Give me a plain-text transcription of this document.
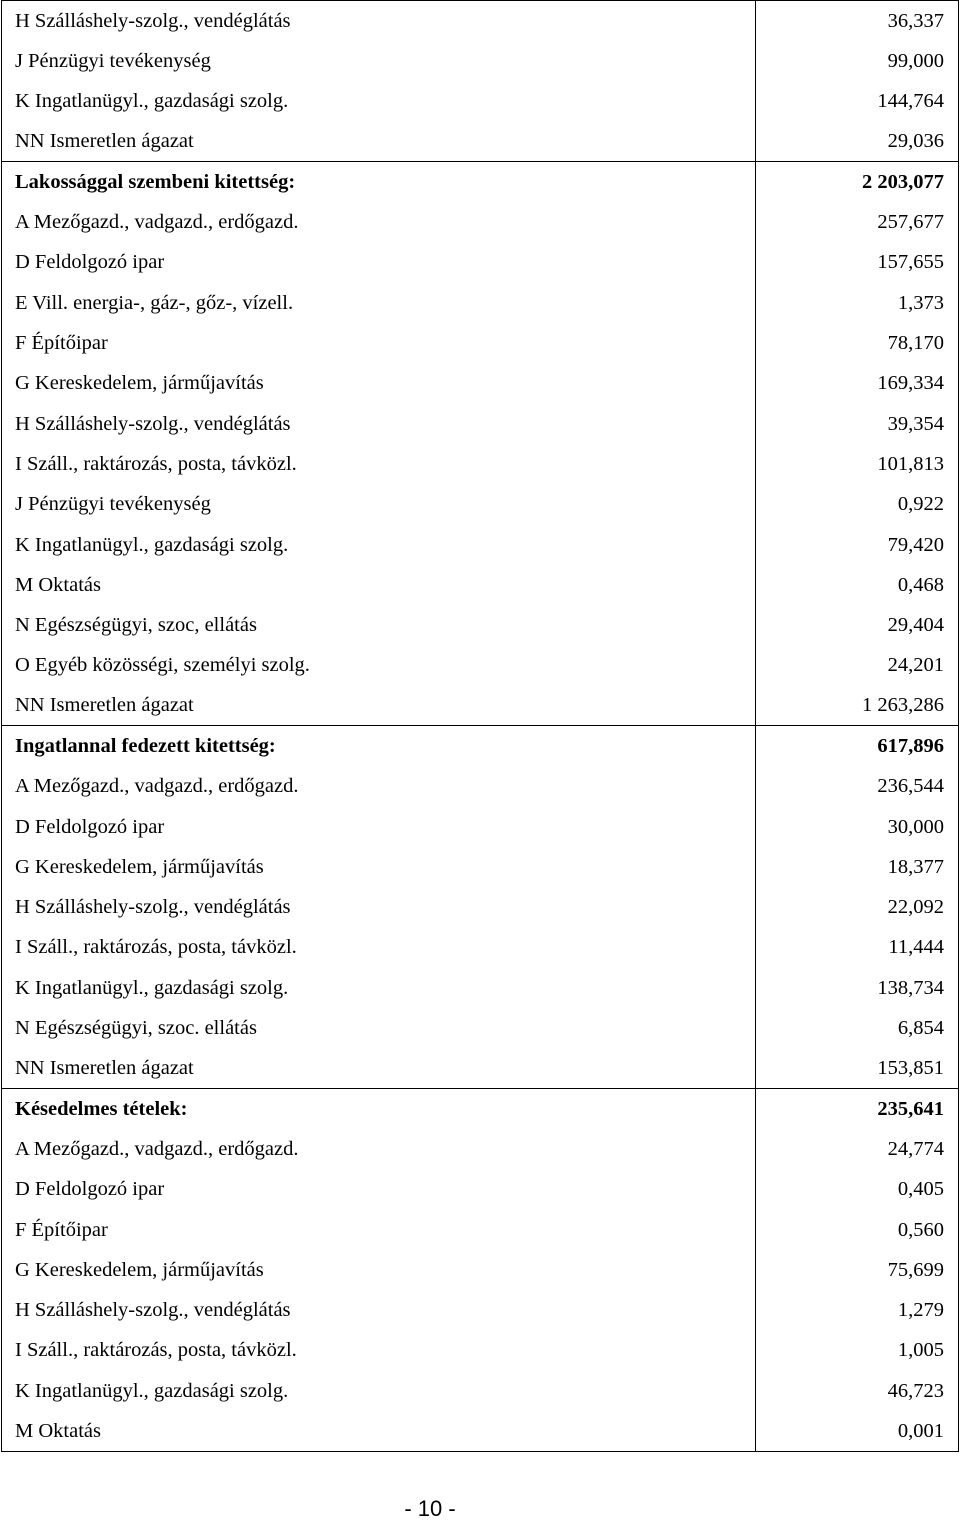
H Szálláshely-szolg., vendéglátás	36,337
J Pénzügyi tevékenység	99,000
K Ingatlanügyl., gazdasági szolg.	144,764
NN Ismeretlen ágazat	29,036
Lakossággal szembeni kitettség:	2 203,077
A Mezőgazd., vadgazd., erdőgazd.	257,677
D Feldolgozó ipar	157,655
E Vill. energia-, gáz-, gőz-, vízell.	1,373
F Építőipar	78,170
G Kereskedelem, járműjavítás	169,334
H Szálláshely-szolg., vendéglátás	39,354
I Száll., raktározás, posta, távközl.	101,813
J Pénzügyi tevékenység	0,922
K Ingatlanügyl., gazdasági szolg.	79,420
M Oktatás	0,468
N Egészségügyi, szoc, ellátás	29,404
O Egyéb közösségi, személyi szolg.	24,201
NN Ismeretlen ágazat	1 263,286
Ingatlannal fedezett kitettség:	617,896
A Mezőgazd., vadgazd., erdőgazd.	236,544
D Feldolgozó ipar	30,000
G Kereskedelem, járműjavítás	18,377
H Szálláshely-szolg., vendéglátás	22,092
I Száll., raktározás, posta, távközl.	11,444
K Ingatlanügyl., gazdasági szolg.	138,734
N Egészségügyi, szoc. ellátás	6,854
NN Ismeretlen ágazat	153,851
Késedelmes tételek:	235,641
A Mezőgazd., vadgazd., erdőgazd.	24,774
D Feldolgozó ipar	0,405
F Építőipar	0,560
G Kereskedelem, járműjavítás	75,699
H Szálláshely-szolg., vendéglátás	1,279
I Száll., raktározás, posta, távközl.	1,005
K Ingatlanügyl., gazdasági szolg.	46,723
M Oktatás	0,001
- 10 -
